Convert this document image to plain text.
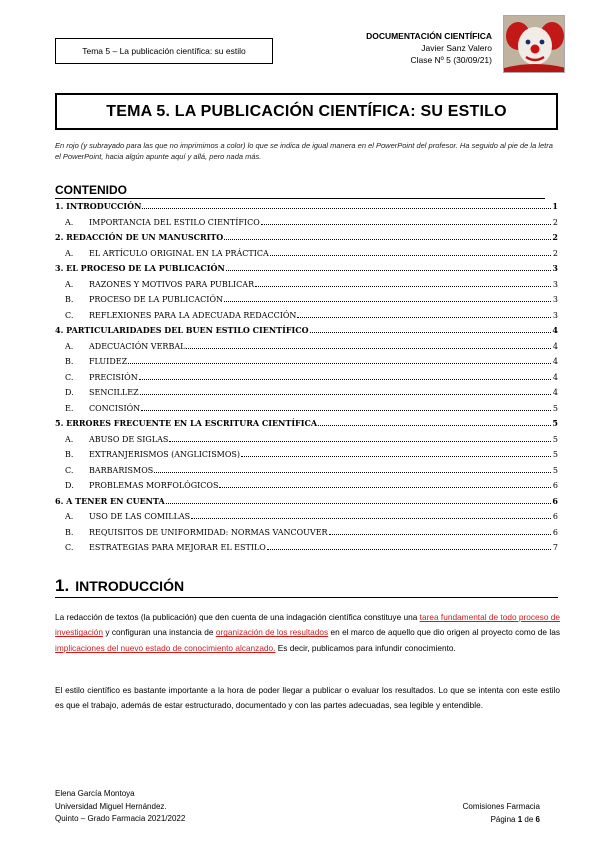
Tema 5 – La publicación científica: su estilo
DOCUMENTACIÓN CIENTÍFICA
Javier Sanz Valero
Clase Nº 5 (30/09/21)
TEMA 5. LA PUBLICACIÓN CIENTÍFICA: SU ESTILO
En rojo (y subrayado para las que no imprimimos a color) lo que se indica de igual manera en el PowerPoint del profesor. Ha seguido al pie de la letra el PowerPoint, hacia algún apunte aquí y allá, pero nada más.
CONTENIDO
1. INTRODUCCIÓN	1
A.	IMPORTANCIA DEL ESTILO CIENTÍFICO	2
2. REDACCIÓN DE UN MANUSCRITO	2
A.	EL ARTÍCULO ORIGINAL EN LA PRÁCTICA	2
3. EL PROCESO DE LA PUBLICACIÓN	3
A.	RAZONES Y MOTIVOS PARA PUBLICAR	3
B.	PROCESO DE LA PUBLICACIÓN	3
C.	REFLEXIONES PARA LA ADECUADA REDACCIÓN	3
4. PARTICULARIDADES DEL BUEN ESTILO CIENTÍFICO	4
A.	ADECUACIÓN VERBAL	4
B.	FLUIDEZ	4
C.	PRECISIÓN	4
D.	SENCILLEZ	4
E.	CONCISIÓN	5
5. ERRORES FRECUENTE EN LA ESCRITURA CIENTÍFICA	5
A.	ABUSO DE SIGLAS	5
B.	EXTRANJERISMOS (ANGLICISMOS)	5
C.	BARBARISMOS	5
D.	PROBLEMAS MORFOLÓGICOS	6
6. A TENER EN CUENTA	6
A.	USO DE LAS COMILLAS	6
B.	REQUISITOS DE UNIFORMIDAD: NORMAS VANCOUVER	6
C.	ESTRATEGIAS PARA MEJORAR EL ESTILO	7
1. INTRODUCCIÓN

La redacción de textos (la publicación) que den cuenta de una indagación científica constituye una tarea fundamental de todo proceso de investigación y configuran una instancia de organización de los resultados en el marco de aquello que dio origen al proyecto como de las implicaciones del nuevo estado de conocimiento alcanzado. Es decir, publicamos para infundir conocimiento.

El estilo científico es bastante importante a la hora de poder llegar a publicar o evaluar los resultados. Lo que se intenta con este estilo es que el trabajo, además de estar estructurado, documentado y con las partes adecuadas, sea legible y entendible.

Elena García Montoya
Universidad Miguel Hernández.
Quinto – Grado Farmacia 2021/2022
Comisiones Farmacia
Página 1 de 6
